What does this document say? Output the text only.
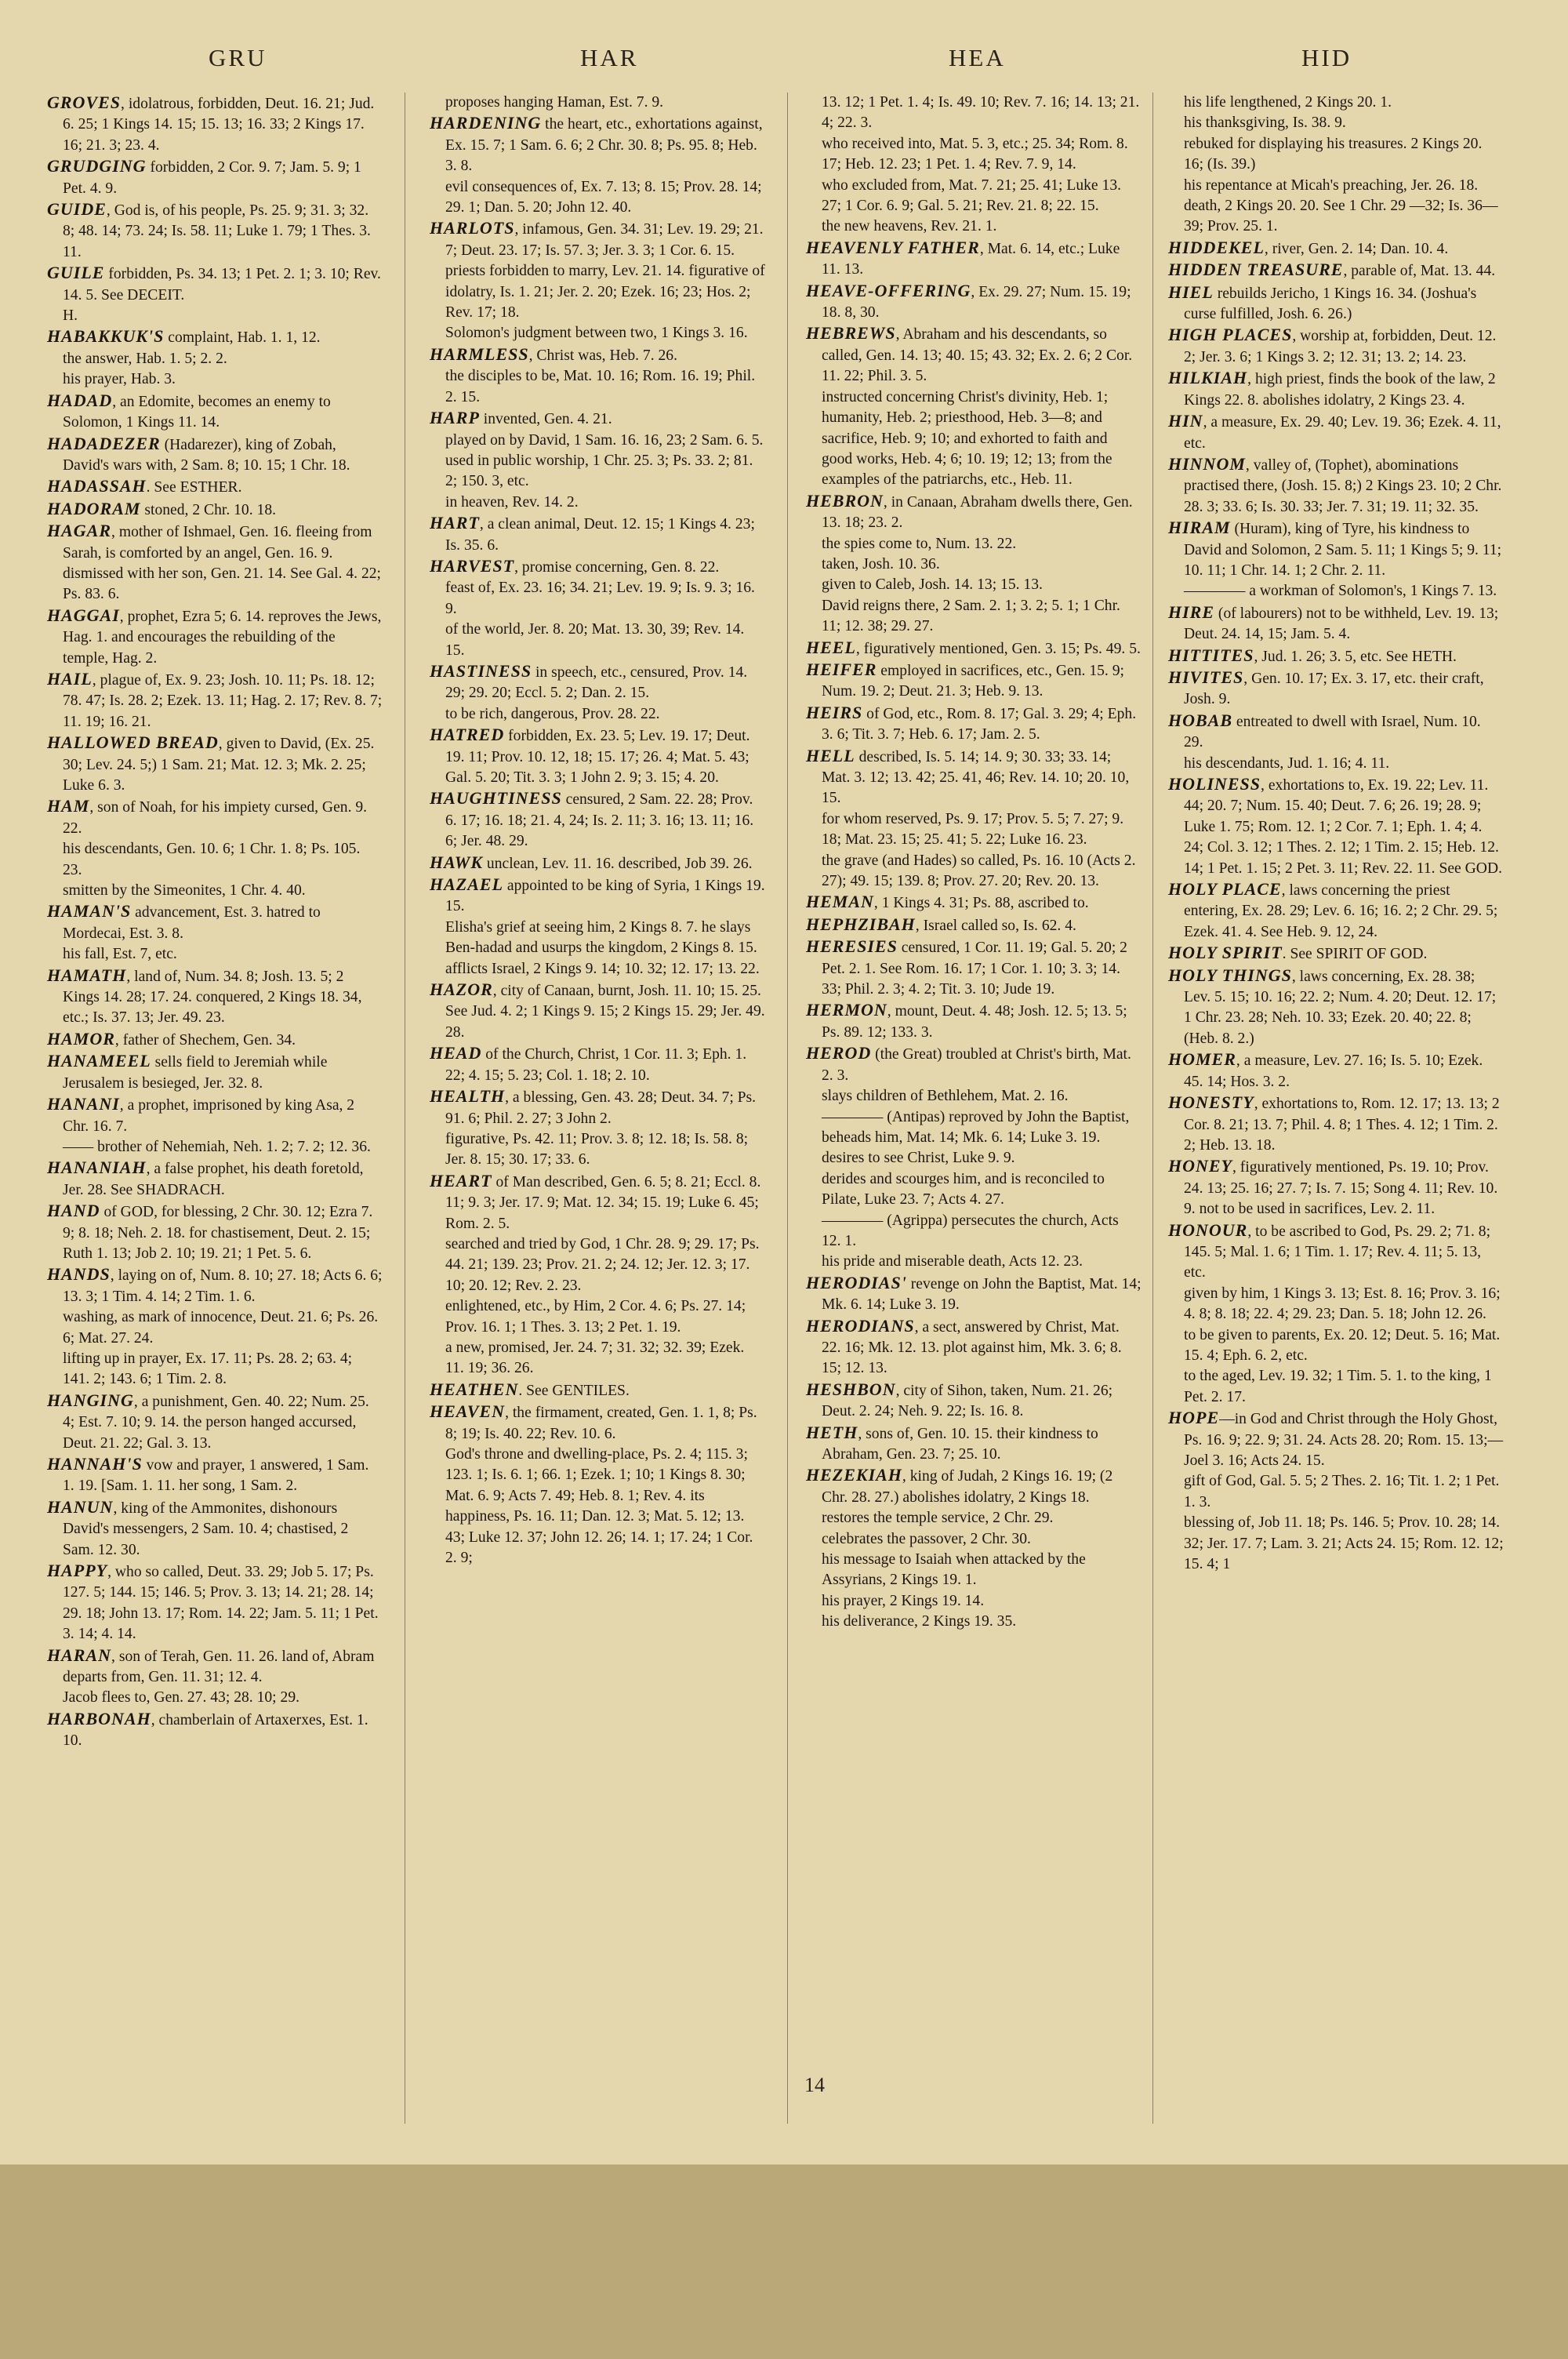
GRU	HAR	HEA	HID

GROVES, idolatrous, forbidden, Deut. 16. 21; Jud. 6. 25; 1 Kings 14. 15; 15. 13; 16. 33; 2 Kings 17. 16; 21. 3; 23. 4.

GRUDGING forbidden, 2 Cor. 9. 7; Jam. 5. 9; 1 Pet. 4. 9.

GUIDE, God is, of his people, Ps. 25. 9; 31. 3; 32. 8; 48. 14; 73. 24; Is. 58. 11; Luke 1. 79; 1 Thes. 3. 11.

GUILE forbidden, Ps. 34. 13; 1 Pet. 2. 1; 3. 10; Rev. 14. 5. See DECEIT.

H.

HABAKKUK'S complaint, Hab. 1. 1, 12.

the answer, Hab. 1. 5; 2. 2.

his prayer, Hab. 3.

HADAD, an Edomite, becomes an enemy to Solomon, 1 Kings 11. 14.

HADADEZER (Hadarezer), king of Zobah, David's wars with, 2 Sam. 8; 10. 15; 1 Chr. 18.

HADASSAH. See ESTHER.

HADORAM stoned, 2 Chr. 10. 18.

HAGAR, mother of Ishmael, Gen. 16. fleeing from Sarah, is comforted by an angel, Gen. 16. 9.

dismissed with her son, Gen. 21. 14. See Gal. 4. 22; Ps. 83. 6.

HAGGAI, prophet, Ezra 5; 6. 14. reproves the Jews, Hag. 1. and encourages the rebuilding of the temple, Hag. 2.

HAIL, plague of, Ex. 9. 23; Josh. 10. 11; Ps. 18. 12; 78. 47; Is. 28. 2; Ezek. 13. 11; Hag. 2. 17; Rev. 8. 7; 11. 19; 16. 21.

HALLOWED BREAD, given to David, (Ex. 25. 30; Lev. 24. 5;) 1 Sam. 21; Mat. 12. 3; Mk. 2. 25; Luke 6. 3.

HAM, son of Noah, for his impiety cursed, Gen. 9. 22.

his descendants, Gen. 10. 6; 1 Chr. 1. 8; Ps. 105. 23.

smitten by the Simeonites, 1 Chr. 4. 40.

HAMAN'S advancement, Est. 3. hatred to Mordecai, Est. 3. 8.

his fall, Est. 7, etc.

HAMATH, land of, Num. 34. 8; Josh. 13. 5; 2 Kings 14. 28; 17. 24. conquered, 2 Kings 18. 34, etc.; Is. 37. 13; Jer. 49. 23.

HAMOR, father of Shechem, Gen. 34.

HANAMEEL sells field to Jeremiah while Jerusalem is besieged, Jer. 32. 8.

HANANI, a prophet, imprisoned by king Asa, 2 Chr. 16. 7.

—— brother of Nehemiah, Neh. 1. 2; 7. 2; 12. 36.

HANANIAH, a false prophet, his death foretold, Jer. 28. See SHADRACH.

HAND of GOD, for blessing, 2 Chr. 30. 12; Ezra 7. 9; 8. 18; Neh. 2. 18. for chastisement, Deut. 2. 15; Ruth 1. 13; Job 2. 10; 19. 21; 1 Pet. 5. 6.

HANDS, laying on of, Num. 8. 10; 27. 18; Acts 6. 6; 13. 3; 1 Tim. 4. 14; 2 Tim. 1. 6.

washing, as mark of innocence, Deut. 21. 6; Ps. 26. 6; Mat. 27. 24.

lifting up in prayer, Ex. 17. 11; Ps. 28. 2; 63. 4; 141. 2; 143. 6; 1 Tim. 2. 8.

HANGING, a punishment, Gen. 40. 22; Num. 25. 4; Est. 7. 10; 9. 14. the person hanged accursed, Deut. 21. 22; Gal. 3. 13.

HANNAH'S vow and prayer, 1 answered, 1 Sam. 1. 19. [Sam. 1. 11. her song, 1 Sam. 2.

HANUN, king of the Ammonites, dishonours David's messengers, 2 Sam. 10. 4; chastised, 2 Sam. 12. 30.

HAPPY, who so called, Deut. 33. 29; Job 5. 17; Ps. 127. 5; 144. 15; 146. 5; Prov. 3. 13; 14. 21; 28. 14; 29. 18; John 13. 17; Rom. 14. 22; Jam. 5. 11; 1 Pet. 3. 14; 4. 14.

HARAN, son of Terah, Gen. 11. 26. land of, Abram departs from, Gen. 11. 31; 12. 4.

Jacob flees to, Gen. 27. 43; 28. 10; 29.

HARBONAH, chamberlain of Artaxerxes, Est. 1. 10.

proposes hanging Haman, Est. 7. 9.

HARDENING the heart, etc., exhortations against, Ex. 15. 7; 1 Sam. 6. 6; 2 Chr. 30. 8; Ps. 95. 8; Heb. 3. 8.

evil consequences of, Ex. 7. 13; 8. 15; Prov. 28. 14; 29. 1; Dan. 5. 20; John 12. 40.

HARLOTS, infamous, Gen. 34. 31; Lev. 19. 29; 21. 7; Deut. 23. 17; Is. 57. 3; Jer. 3. 3; 1 Cor. 6. 15.

priests forbidden to marry, Lev. 21. 14. figurative of idolatry, Is. 1. 21; Jer. 2. 20; Ezek. 16; 23; Hos. 2; Rev. 17; 18.

Solomon's judgment between two, 1 Kings 3. 16.

HARMLESS, Christ was, Heb. 7. 26.

the disciples to be, Mat. 10. 16; Rom. 16. 19; Phil. 2. 15.

HARP invented, Gen. 4. 21.

played on by David, 1 Sam. 16. 16, 23; 2 Sam. 6. 5.

used in public worship, 1 Chr. 25. 3; Ps. 33. 2; 81. 2; 150. 3, etc.

in heaven, Rev. 14. 2.

HART, a clean animal, Deut. 12. 15; 1 Kings 4. 23; Is. 35. 6.

HARVEST, promise concerning, Gen. 8. 22.

feast of, Ex. 23. 16; 34. 21; Lev. 19. 9; Is. 9. 3; 16. 9.

of the world, Jer. 8. 20; Mat. 13. 30, 39; Rev. 14. 15.

HASTINESS in speech, etc., censured, Prov. 14. 29; 29. 20; Eccl. 5. 2; Dan. 2. 15.

to be rich, dangerous, Prov. 28. 22.

HATRED forbidden, Ex. 23. 5; Lev. 19. 17; Deut. 19. 11; Prov. 10. 12, 18; 15. 17; 26. 4; Mat. 5. 43; Gal. 5. 20; Tit. 3. 3; 1 John 2. 9; 3. 15; 4. 20.

HAUGHTINESS censured, 2 Sam. 22. 28; Prov. 6. 17; 16. 18; 21. 4, 24; Is. 2. 11; 3. 16; 13. 11; 16. 6; Jer. 48. 29.

HAWK unclean, Lev. 11. 16. described, Job 39. 26.

HAZAEL appointed to be king of Syria, 1 Kings 19. 15.

Elisha's grief at seeing him, 2 Kings 8. 7. he slays Ben-hadad and usurps the kingdom, 2 Kings 8. 15.

afflicts Israel, 2 Kings 9. 14; 10. 32; 12. 17; 13. 22.

HAZOR, city of Canaan, burnt, Josh. 11. 10; 15. 25. See Jud. 4. 2; 1 Kings 9. 15; 2 Kings 15. 29; Jer. 49. 28.

HEAD of the Church, Christ, 1 Cor. 11. 3; Eph. 1. 22; 4. 15; 5. 23; Col. 1. 18; 2. 10.

HEALTH, a blessing, Gen. 43. 28; Deut. 34. 7; Ps. 91. 6; Phil. 2. 27; 3 John 2.

figurative, Ps. 42. 11; Prov. 3. 8; 12. 18; Is. 58. 8; Jer. 8. 15; 30. 17; 33. 6.

HEART of Man described, Gen. 6. 5; 8. 21; Eccl. 8. 11; 9. 3; Jer. 17. 9; Mat. 12. 34; 15. 19; Luke 6. 45; Rom. 2. 5.

searched and tried by God, 1 Chr. 28. 9; 29. 17; Ps. 44. 21; 139. 23; Prov. 21. 2; 24. 12; Jer. 12. 3; 17. 10; 20. 12; Rev. 2. 23.

enlightened, etc., by Him, 2 Cor. 4. 6; Ps. 27. 14; Prov. 16. 1; 1 Thes. 3. 13; 2 Pet. 1. 19.

a new, promised, Jer. 24. 7; 31. 32; 32. 39; Ezek. 11. 19; 36. 26.

HEATHEN. See GENTILES.

HEAVEN, the firmament, created, Gen. 1. 1, 8; Ps. 8; 19; Is. 40. 22; Rev. 10. 6.

God's throne and dwelling-place, Ps. 2. 4; 115. 3; 123. 1; Is. 6. 1; 66. 1; Ezek. 1; 10; 1 Kings 8. 30; Mat. 6. 9; Acts 7. 49; Heb. 8. 1; Rev. 4. its happiness, Ps. 16. 11; Dan. 12. 3; Mat. 5. 12; 13. 43; Luke 12. 37; John 12. 26; 14. 1; 17. 24; 1 Cor. 2. 9;

13. 12; 1 Pet. 1. 4; Is. 49. 10; Rev. 7. 16; 14. 13; 21. 4; 22. 3.

who received into, Mat. 5. 3, etc.; 25. 34; Rom. 8. 17; Heb. 12. 23; 1 Pet. 1. 4; Rev. 7. 9, 14.

who excluded from, Mat. 7. 21; 25. 41; Luke 13. 27; 1 Cor. 6. 9; Gal. 5. 21; Rev. 21. 8; 22. 15.

the new heavens, Rev. 21. 1.

HEAVENLY FATHER, Mat. 6. 14, etc.; Luke 11. 13.

HEAVE-OFFERING, Ex. 29. 27; Num. 15. 19; 18. 8, 30.

HEBREWS, Abraham and his descendants, so called, Gen. 14. 13; 40. 15; 43. 32; Ex. 2. 6; 2 Cor. 11. 22; Phil. 3. 5.

instructed concerning Christ's divinity, Heb. 1; humanity, Heb. 2; priesthood, Heb. 3—8; and sacrifice, Heb. 9; 10; and exhorted to faith and good works, Heb. 4; 6; 10. 19; 12; 13; from the examples of the patriarchs, etc., Heb. 11.

HEBRON, in Canaan, Abraham dwells there, Gen. 13. 18; 23. 2.

the spies come to, Num. 13. 22.

taken, Josh. 10. 36.

given to Caleb, Josh. 14. 13; 15. 13.

David reigns there, 2 Sam. 2. 1; 3. 2; 5. 1; 1 Chr. 11; 12. 38; 29. 27.

HEEL, figuratively mentioned, Gen. 3. 15; Ps. 49. 5.

HEIFER employed in sacrifices, etc., Gen. 15. 9; Num. 19. 2; Deut. 21. 3; Heb. 9. 13.

HEIRS of God, etc., Rom. 8. 17; Gal. 3. 29; 4; Eph. 3. 6; Tit. 3. 7; Heb. 6. 17; Jam. 2. 5.

HELL described, Is. 5. 14; 14. 9; 30. 33; 33. 14; Mat. 3. 12; 13. 42; 25. 41, 46; Rev. 14. 10; 20. 10, 15.

for whom reserved, Ps. 9. 17; Prov. 5. 5; 7. 27; 9. 18; Mat. 23. 15; 25. 41; 5. 22; Luke 16. 23.

the grave (and Hades) so called, Ps. 16. 10 (Acts 2. 27); 49. 15; 139. 8; Prov. 27. 20; Rev. 20. 13.

HEMAN, 1 Kings 4. 31; Ps. 88, ascribed to.

HEPHZIBAH, Israel called so, Is. 62. 4.

HERESIES censured, 1 Cor. 11. 19; Gal. 5. 20; 2 Pet. 2. 1. See Rom. 16. 17; 1 Cor. 1. 10; 3. 3; 14. 33; Phil. 2. 3; 4. 2; Tit. 3. 10; Jude 19.

HERMON, mount, Deut. 4. 48; Josh. 12. 5; 13. 5; Ps. 89. 12; 133. 3.

HEROD (the Great) troubled at Christ's birth, Mat. 2. 3.

slays children of Bethlehem, Mat. 2. 16.

———— (Antipas) reproved by John the Baptist, beheads him, Mat. 14; Mk. 6. 14; Luke 3. 19.

desires to see Christ, Luke 9. 9.

derides and scourges him, and is reconciled to Pilate, Luke 23. 7; Acts 4. 27.

———— (Agrippa) persecutes the church, Acts 12. 1.

his pride and miserable death, Acts 12. 23.

HERODIAS' revenge on John the Baptist, Mat. 14; Mk. 6. 14; Luke 3. 19.

HERODIANS, a sect, answered by Christ, Mat. 22. 16; Mk. 12. 13. plot against him, Mk. 3. 6; 8. 15; 12. 13.

HESHBON, city of Sihon, taken, Num. 21. 26; Deut. 2. 24; Neh. 9. 22; Is. 16. 8.

HETH, sons of, Gen. 10. 15. their kindness to Abraham, Gen. 23. 7; 25. 10.

HEZEKIAH, king of Judah, 2 Kings 16. 19; (2 Chr. 28. 27.) abolishes idolatry, 2 Kings 18.

restores the temple service, 2 Chr. 29.

celebrates the passover, 2 Chr. 30.

his message to Isaiah when attacked by the Assyrians, 2 Kings 19. 1.

his prayer, 2 Kings 19. 14.

his deliverance, 2 Kings 19. 35.

his life lengthened, 2 Kings 20. 1.

his thanksgiving, Is. 38. 9.

rebuked for displaying his treasures. 2 Kings 20. 16; (Is. 39.)

his repentance at Micah's preaching, Jer. 26. 18.

death, 2 Kings 20. 20. See 1 Chr. 29 —32; Is. 36—39; Prov. 25. 1.

HIDDEKEL, river, Gen. 2. 14; Dan. 10. 4.

HIDDEN TREASURE, parable of, Mat. 13. 44.

HIEL rebuilds Jericho, 1 Kings 16. 34. (Joshua's curse fulfilled, Josh. 6. 26.)

HIGH PLACES, worship at, forbidden, Deut. 12. 2; Jer. 3. 6; 1 Kings 3. 2; 12. 31; 13. 2; 14. 23.

HILKIAH, high priest, finds the book of the law, 2 Kings 22. 8. abolishes idolatry, 2 Kings 23. 4.

HIN, a measure, Ex. 29. 40; Lev. 19. 36; Ezek. 4. 11, etc.

HINNOM, valley of, (Tophet), abominations practised there, (Josh. 15. 8;) 2 Kings 23. 10; 2 Chr. 28. 3; 33. 6; Is. 30. 33; Jer. 7. 31; 19. 11; 32. 35.

HIRAM (Huram), king of Tyre, his kindness to David and Solomon, 2 Sam. 5. 11; 1 Kings 5; 9. 11; 10. 11; 1 Chr. 14. 1; 2 Chr. 2. 11.

———— a workman of Solomon's, 1 Kings 7. 13.

HIRE (of labourers) not to be withheld, Lev. 19. 13; Deut. 24. 14, 15; Jam. 5. 4.

HITTITES, Jud. 1. 26; 3. 5, etc. See HETH.

HIVITES, Gen. 10. 17; Ex. 3. 17, etc. their craft, Josh. 9.

HOBAB entreated to dwell with Israel, Num. 10. 29.

his descendants, Jud. 1. 16; 4. 11.

HOLINESS, exhortations to, Ex. 19. 22; Lev. 11. 44; 20. 7; Num. 15. 40; Deut. 7. 6; 26. 19; 28. 9; Luke 1. 75; Rom. 12. 1; 2 Cor. 7. 1; Eph. 1. 4; 4. 24; Col. 3. 12; 1 Thes. 2. 12; 1 Tim. 2. 15; Heb. 12. 14; 1 Pet. 1. 15; 2 Pet. 3. 11; Rev. 22. 11. See GOD.

HOLY PLACE, laws concerning the priest entering, Ex. 28. 29; Lev. 6. 16; 16. 2; 2 Chr. 29. 5; Ezek. 41. 4. See Heb. 9. 12, 24.

HOLY SPIRIT. See SPIRIT OF GOD.

HOLY THINGS, laws concerning, Ex. 28. 38; Lev. 5. 15; 10. 16; 22. 2; Num. 4. 20; Deut. 12. 17; 1 Chr. 23. 28; Neh. 10. 33; Ezek. 20. 40; 22. 8; (Heb. 8. 2.)

HOMER, a measure, Lev. 27. 16; Is. 5. 10; Ezek. 45. 14; Hos. 3. 2.

HONESTY, exhortations to, Rom. 12. 17; 13. 13; 2 Cor. 8. 21; 13. 7; Phil. 4. 8; 1 Thes. 4. 12; 1 Tim. 2. 2; Heb. 13. 18.

HONEY, figuratively mentioned, Ps. 19. 10; Prov. 24. 13; 25. 16; 27. 7; Is. 7. 15; Song 4. 11; Rev. 10. 9. not to be used in sacrifices, Lev. 2. 11.

HONOUR, to be ascribed to God, Ps. 29. 2; 71. 8; 145. 5; Mal. 1. 6; 1 Tim. 1. 17; Rev. 4. 11; 5. 13, etc.

given by him, 1 Kings 3. 13; Est. 8. 16; Prov. 3. 16; 4. 8; 8. 18; 22. 4; 29. 23; Dan. 5. 18; John 12. 26.

to be given to parents, Ex. 20. 12; Deut. 5. 16; Mat. 15. 4; Eph. 6. 2, etc.

to the aged, Lev. 19. 32; 1 Tim. 5. 1. to the king, 1 Pet. 2. 17.

HOPE—in God and Christ through the Holy Ghost, Ps. 16. 9; 22. 9; 31. 24. Acts 28. 20; Rom. 15. 13;—Joel 3. 16; Acts 24. 15.

gift of God, Gal. 5. 5; 2 Thes. 2. 16; Tit. 1. 2; 1 Pet. 1. 3.

blessing of, Job 11. 18; Ps. 146. 5; Prov. 10. 28; 14. 32; Jer. 17. 7; Lam. 3. 21; Acts 24. 15; Rom. 12. 12; 15. 4; 1

14
